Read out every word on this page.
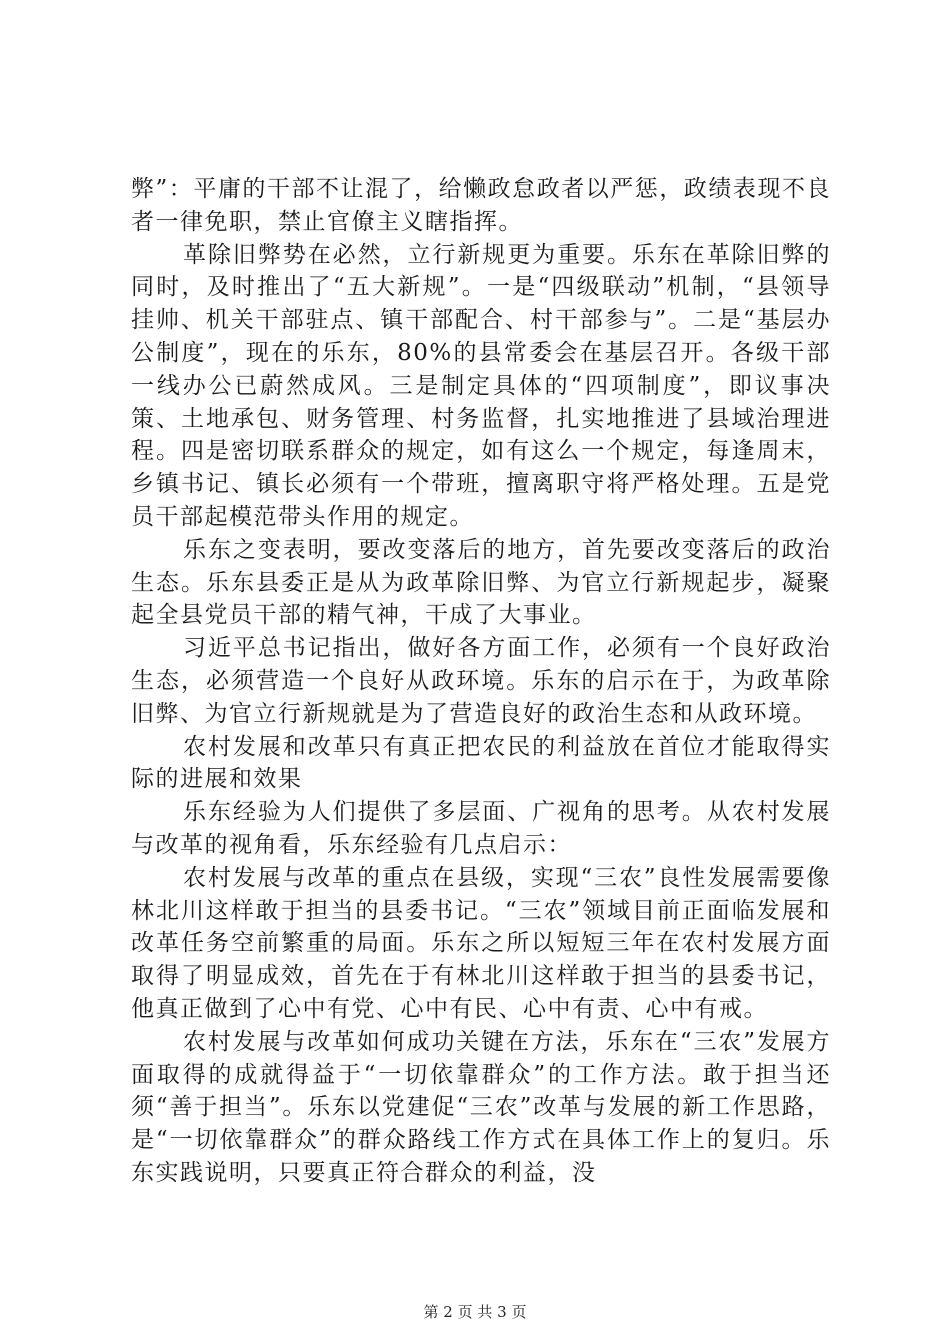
弊”：平庸的干部不让混了，给懒政怠政者以严惩，政绩表现不良者一律免职，禁止官僚主义瞎指挥。

革除旧弊势在必然，立行新规更为重要。乐东在革除旧弊的同时，及时推出了“五大新规”。一是“四级联动”机制，“县领导挂帅、机关干部驻点、镇干部配合、村干部参与”。二是“基层办公制度”，现在的乐东，80%的县常委会在基层召开。各级干部一线办公已蔚然成风。三是制定具体的“四项制度”，即议事决策、土地承包、财务管理、村务监督，扎实地推进了县域治理进程。四是密切联系群众的规定，如有这么一个规定，每逢周末，乡镇书记、镇长必须有一个带班，擅离职守将严格处理。五是党员干部起模范带头作用的规定。

乐东之变表明，要改变落后的地方，首先要改变落后的政治生态。乐东县委正是从为政革除旧弊、为官立行新规起步，凝聚起全县党员干部的精气神，干成了大事业。

习近平总书记指出，做好各方面工作，必须有一个良好政治生态，必须营造一个良好从政环境。乐东的启示在于，为政革除旧弊、为官立行新规就是为了营造良好的政治生态和从政环境。

农村发展和改革只有真正把农民的利益放在首位才能取得实际的进展和效果

乐东经验为人们提供了多层面、广视角的思考。从农村发展与改革的视角看，乐东经验有几点启示：

农村发展与改革的重点在县级，实现“三农”良性发展需要像林北川这样敢于担当的县委书记。“三农”领域目前正面临发展和改革任务空前繁重的局面。乐东之所以短短三年在农村发展方面取得了明显成效，首先在于有林北川这样敢于担当的县委书记，他真正做到了心中有党、心中有民、心中有责、心中有戒。

农村发展与改革如何成功关键在方法，乐东在“三农”发展方面取得的成就得益于“一切依靠群众”的工作方法。敢于担当还须“善于担当”。乐东以党建促“三农”改革与发展的新工作思路，是“一切依靠群众”的群众路线工作方式在具体工作上的复归。乐东实践说明，只要真正符合群众的利益，没

第 2 页 共 3 页
